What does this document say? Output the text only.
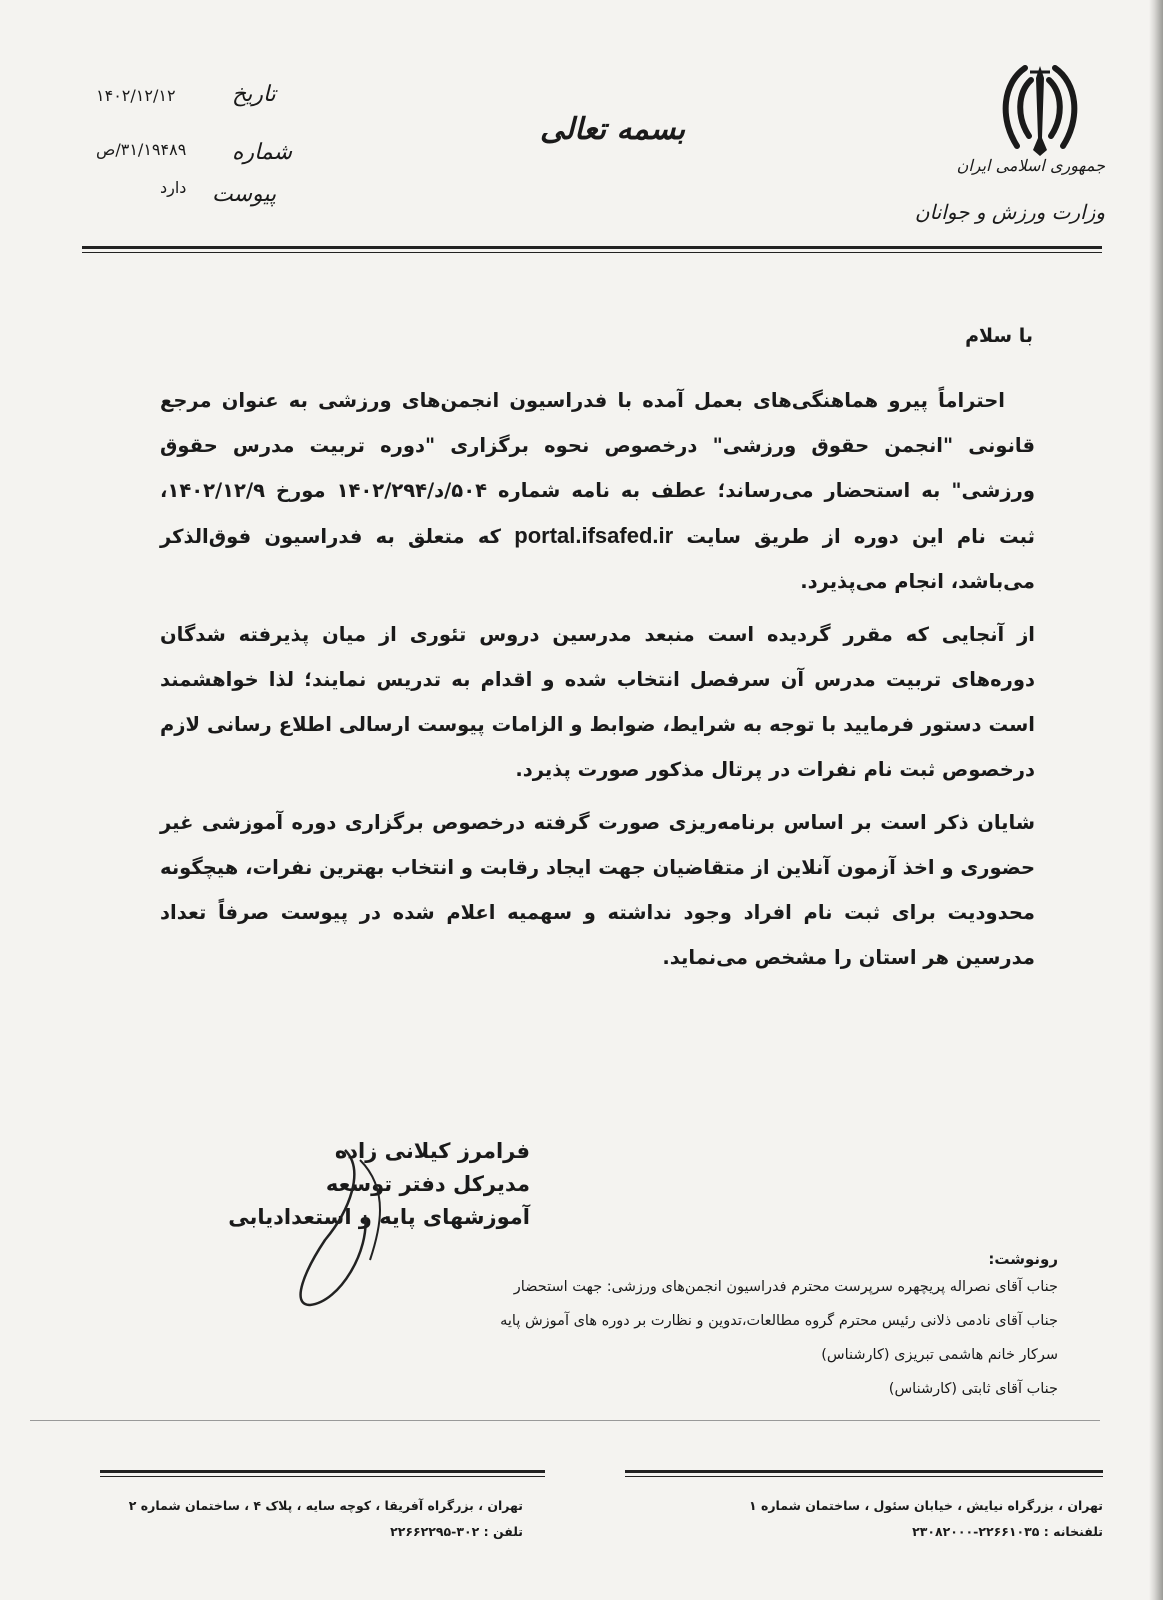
جمهوری اسلامی ایران
وزارت ورزش و جوانان
بسمه تعالی
تاریخ
۱۴۰۲/۱۲/۱۲
شماره
۳۱/۱۹۴۸۹/ص
پیوست
دارد
با سلام

احتراماً پیرو هماهنگی‌های بعمل آمده با فدراسیون انجمن‌های ورزشی به عنوان مرجع قانونی "انجمن حقوق ورزشی" درخصوص نحوه برگزاری "دوره تربیت مدرس حقوق ورزشی" به استحضار می‌رساند؛ عطف به نامه شماره ۵۰۴/د/۱۴۰۲/۲۹۴ مورخ ۱۴۰۲/۱۲/۹، ثبت نام این دوره از طریق سایت portal.ifsafed.ir که متعلق به فدراسیون فوق‌الذکر می‌باشد، انجام می‌پذیرد.

از آنجایی که مقرر گردیده است منبعد مدرسین دروس تئوری از میان پذیرفته شدگان دوره‌های تربیت مدرس آن سرفصل انتخاب شده و اقدام به تدریس نمایند؛ لذا خواهشمند است دستور فرمایید با توجه به شرایط، ضوابط و الزامات پیوست ارسالی اطلاع رسانی لازم درخصوص ثبت نام نفرات در پرتال مذکور صورت پذیرد.

شایان ذکر است بر اساس برنامه‌ریزی صورت گرفته درخصوص برگزاری دوره آموزشی غیر حضوری و اخذ آزمون آنلاین از متقاضیان جهت ایجاد رقابت و انتخاب بهترین نفرات، هیچگونه محدودیت برای ثبت نام افراد وجود نداشته و سهمیه اعلام شده در پیوست صرفاً تعداد مدرسین هر استان را مشخص می‌نماید.

فرامرز کیلانی زاده
مدیرکل دفتر توسعه
آموزشهای پایه و استعدادیابی
رونوشت:
جناب آقای نصراله پریچهره سرپرست محترم فدراسیون انجمن‌های ورزشی: جهت استحضار
جناب آقای نادمی ذلانی رئیس محترم گروه مطالعات،تدوین و نظارت بر دوره های آموزش پایه
سرکار خانم هاشمی تبریزی (کارشناس)
جناب آقای ثابتی (کارشناس)
تهران ، بزرگراه نیایش ، خیابان سئول ، ساختمان شماره ۱
تلفنخانه : ۲۲۶۶۱۰۳۵-۲۳۰۸۲۰۰۰
تهران ، بزرگراه آفریقا ، کوچه سایه ، پلاک ۴ ، ساختمان شماره ۲
تلفن : ۳۰۲-۲۲۶۶۲۲۹۵
